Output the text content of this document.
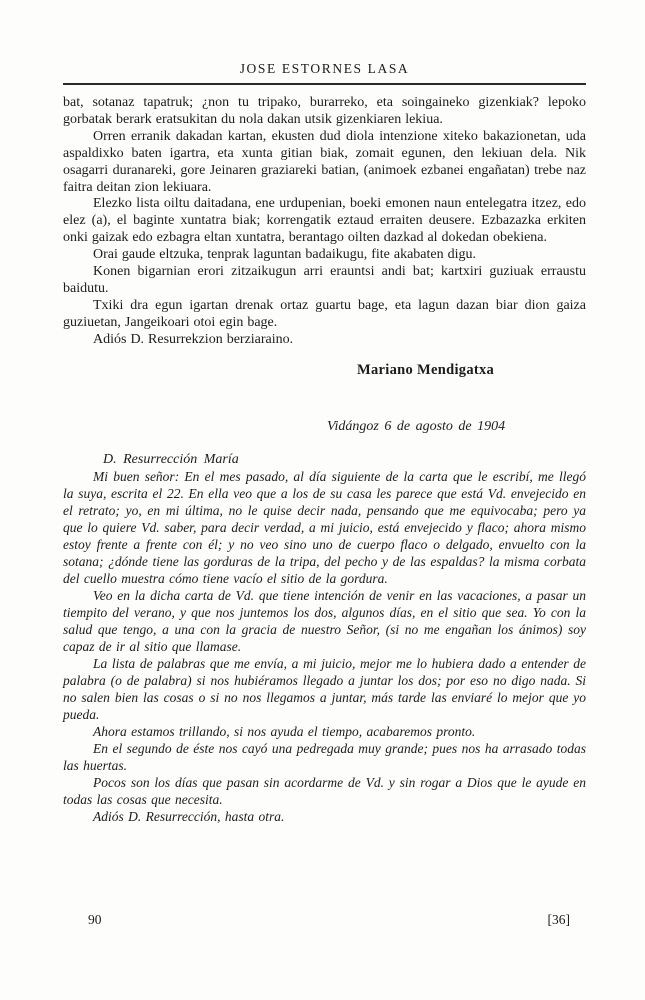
JOSE ESTORNES LASA

bat, sotanaz tapatruk; ¿non tu tripako, burarreko, eta soingaineko gizenkiak? lepoko gorbatak berark eratsukitan du nola dakan utsik gizenkiaren lekiua.

Orren erranik dakadan kartan, ekusten dud diola intenzione xiteko bakazionetan, uda aspaldixko baten igartra, eta xunta gitian biak, zomait egunen, den lekiuan dela. Nik osagarri duranareki, gore Jeinaren graziareki batian, (animoek ezbanei engañatan) trebe naz faitra deitan zion lekiuara.

Elezko lista oiltu daitadana, ene urdupenian, boeki emonen naun entelegatra itzez, edo elez (a), el baginte xuntatra biak; korrengatik eztaud erraiten deusere. Ezbazazka erkiten onki gaizak edo ezbagra eltan xuntatra, berantago oilten dazkad al dokedan obekiena.

Orai gaude eltzuka, tenprak laguntan badaikugu, fite akabaten digu.

Konen bigarnian erori zitzaikugun arri erauntsi andi bat; kartxiri guziuak erraustu baidutu.

Txiki dra egun igartan drenak ortaz guartu bage, eta lagun dazan biar dion gaiza guziuetan, Jangeikoari otoi egin bage.

Adiós D. Resurrekzion berziaraino.

Mariano Mendigatxa

Vidángoz 6 de agosto de 1904

D. Resurrección María

Mi buen señor: En el mes pasado, al día siguiente de la carta que le escribí, me llegó la suya, escrita el 22. En ella veo que a los de su casa les parece que está Vd. envejecido en el retrato; yo, en mi última, no le quise decir nada, pensando que me equivocaba; pero ya que lo quiere Vd. saber, para decir verdad, a mi juicio, está envejecido y flaco; ahora mismo estoy frente a frente con él; y no veo sino uno de cuerpo flaco o delgado, envuelto con la sotana; ¿dónde tiene las gorduras de la tripa, del pecho y de las espaldas? la misma corbata del cuello muestra cómo tiene vacío el sitio de la gordura.

Veo en la dicha carta de Vd. que tiene intención de venir en las vacaciones, a pasar un tiempito del verano, y que nos juntemos los dos, algunos días, en el sitio que sea. Yo con la salud que tengo, a una con la gracia de nuestro Señor, (si no me engañan los ánimos) soy capaz de ir al sitio que llamase.

La lista de palabras que me envía, a mi juicio, mejor me lo hubiera dado a entender de palabra (o de palabra) si nos hubiéramos llegado a juntar los dos; por eso no digo nada. Si no salen bien las cosas o si no nos llegamos a juntar, más tarde las enviaré lo mejor que yo pueda.

Ahora estamos trillando, si nos ayuda el tiempo, acabaremos pronto.

En el segundo de éste nos cayó una pedregada muy grande; pues nos ha arrasado todas las huertas.

Pocos son los días que pasan sin acordarme de Vd. y sin rogar a Dios que le ayude en todas las cosas que necesita.

Adiós D. Resurrección, hasta otra.

90	[36]
